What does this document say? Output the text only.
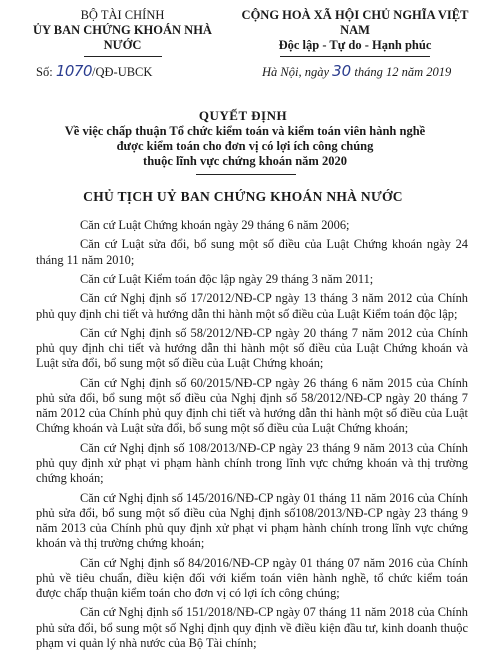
BỘ TÀI CHÍNH
ỦY BAN CHỨNG KHOÁN NHÀ NƯỚC
CỘNG HOÀ XÃ HỘI CHỦ NGHĨA VIỆT NAM
Độc lập - Tự do - Hạnh phúc
Số: 1070/QĐ-UBCK	Hà Nội, ngày 30 tháng 12 năm 2019
QUYẾT ĐỊNH
Về việc chấp thuận Tổ chức kiểm toán và kiểm toán viên hành nghề
được kiểm toán cho đơn vị có lợi ích công chúng
thuộc lĩnh vực chứng khoán năm 2020
CHỦ TỊCH UỶ BAN CHỨNG KHOÁN NHÀ NƯỚC

Căn cứ Luật Chứng khoán ngày 29 tháng 6 năm 2006;

Căn cứ Luật sửa đổi, bổ sung một số điều của Luật Chứng khoán ngày 24 tháng 11 năm 2010;

Căn cứ Luật Kiểm toán độc lập ngày 29 tháng 3 năm 2011;

Căn cứ Nghị định số 17/2012/NĐ-CP ngày 13 tháng 3 năm 2012 của Chính phủ quy định chi tiết và hướng dẫn thi hành một số điều của Luật Kiểm toán độc lập;

Căn cứ Nghị định số 58/2012/NĐ-CP ngày 20 tháng 7 năm 2012 của Chính phủ quy định chi tiết và hướng dẫn thi hành một số điều của Luật Chứng khoán và Luật sửa đổi, bổ sung một số điều của Luật Chứng khoán;

Căn cứ Nghị định số 60/2015/NĐ-CP ngày 26 tháng 6 năm 2015 của Chính phủ sửa đổi, bổ sung một số điều của Nghị định số 58/2012/NĐ-CP ngày 20 tháng 7 năm 2012 của Chính phủ quy định chi tiết và hướng dẫn thi hành một số điều của Luật Chứng khoán và Luật sửa đổi, bổ sung một số điều của Luật Chứng khoán;

Căn cứ Nghị định số 108/2013/NĐ-CP ngày 23 tháng 9 năm 2013 của Chính phủ quy định xử phạt vi phạm hành chính trong lĩnh vực chứng khoán và thị trường chứng khoán;

Căn cứ Nghị định số 145/2016/NĐ-CP ngày 01 tháng 11 năm 2016 của Chính phủ sửa đổi, bổ sung một số điều của Nghị định số108/2013/NĐ-CP ngày 23 tháng 9 năm 2013 của Chính phủ quy định xử phạt vi phạm hành chính trong lĩnh vực chứng khoán và thị trường chứng khoán;

Căn cứ Nghị định số 84/2016/NĐ-CP ngày 01 tháng 07 năm 2016 của Chính phủ về tiêu chuẩn, điều kiện đối với kiểm toán viên hành nghề, tổ chức kiểm toán được chấp thuận kiểm toán cho đơn vị có lợi ích công chúng;

Căn cứ Nghị định số 151/2018/NĐ-CP ngày 07 tháng 11 năm 2018 của Chính phủ sửa đổi, bổ sung một số Nghị định quy định về điều kiện đầu tư, kinh doanh thuộc phạm vi quản lý nhà nước của Bộ Tài chính;
